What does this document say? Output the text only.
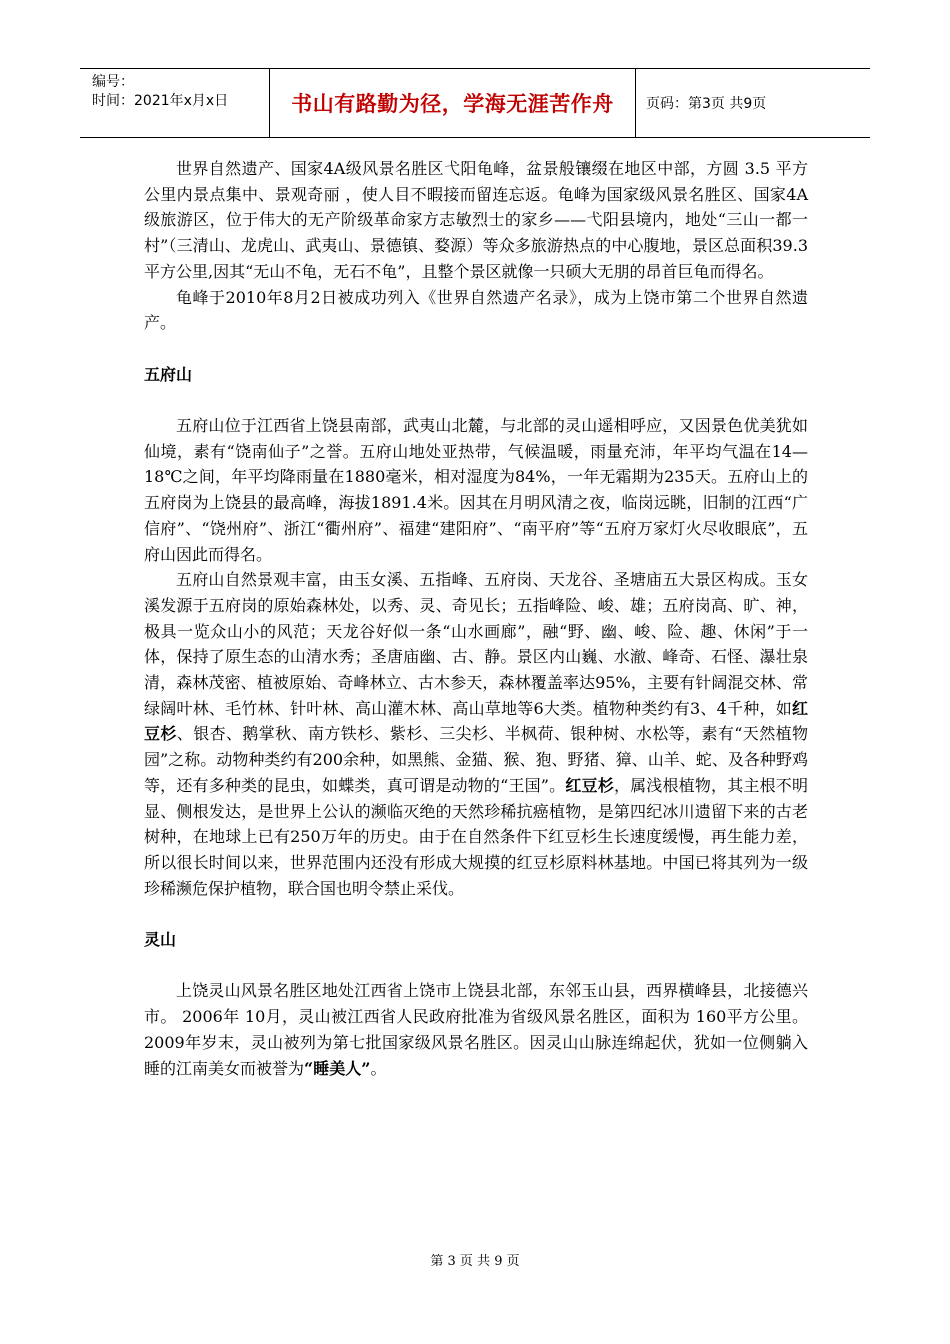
编号：
时间：2021年x月x日	书山有路勤为径，学海无涯苦作舟	页码：第3页 共9页

世界自然遗产、国家4A级风景名胜区弋阳龟峰，盆景般镶缀在地区中部，方圆 3.5 平方公里内景点集中、景观奇丽 ，使人目不暇接而留连忘返。龟峰为国家级风景名胜区、国家4A级旅游区，位于伟大的无产阶级革命家方志敏烈士的家乡——弋阳县境内，地处“三山一都一村”（三清山、龙虎山、武夷山、景德镇、婺源）等众多旅游热点的中心腹地，景区总面积39.3平方公里,因其“无山不龟，无石不龟”，且整个景区就像一只硕大无朋的昂首巨龟而得名。

龟峰于2010年8月2日被成功列入《世界自然遗产名录》，成为上饶市第二个世界自然遗产。

五府山

五府山位于江西省上饶县南部，武夷山北麓，与北部的灵山遥相呼应，又因景色优美犹如仙境，素有“饶南仙子”之誉。五府山地处亚热带，气候温暖，雨量充沛，年平均气温在14—18℃之间，年平均降雨量在1880毫米，相对湿度为84%，一年无霜期为235天。五府山上的五府岗为上饶县的最高峰，海拔1891.4米。因其在月明风清之夜，临岗远眺，旧制的江西“广信府”、“饶州府”、浙江“衢州府”、福建“建阳府”、“南平府”等“五府万家灯火尽收眼底”，五府山因此而得名。

五府山自然景观丰富，由玉女溪、五指峰、五府岗、天龙谷、圣塘庙五大景区构成。玉女溪发源于五府岗的原始森林处，以秀、灵、奇见长；五指峰险、峻、雄；五府岗高、旷、神，极具一览众山小的风范；天龙谷好似一条“山水画廊”，融“野、幽、峻、险、趣、休闲”于一体，保持了原生态的山清水秀；圣唐庙幽、古、静。景区内山巍、水澈、峰奇、石怪、瀑壮泉清，森林茂密、植被原始、奇峰林立、古木参天，森林覆盖率达95%，主要有针阔混交林、常绿阔叶林、毛竹林、针叶林、高山灌木林、高山草地等6大类。植物种类约有3、4千种，如红豆杉、银杏、鹅掌秋、南方铁杉、紫杉、三尖杉、半枫荷、银种树、水松等，素有“天然植物园”之称。动物种类约有200余种，如黑熊、金猫、猴、狍、野猪、獐、山羊、蛇、及各种野鸡等，还有多种类的昆虫，如蝶类，真可谓是动物的“王国”。红豆杉，属浅根植物，其主根不明显、侧根发达，是世界上公认的濒临灭绝的天然珍稀抗癌植物，是第四纪冰川遗留下来的古老树种，在地球上已有250万年的历史。由于在自然条件下红豆杉生长速度缓慢，再生能力差，所以很长时间以来，世界范围内还没有形成大规摸的红豆杉原料林基地。中国已将其列为一级珍稀濒危保护植物，联合国也明令禁止采伐。

灵山

上饶灵山风景名胜区地处江西省上饶市上饶县北部，东邻玉山县，西界横峰县，北接德兴市。 2006年 10月，灵山被江西省人民政府批准为省级风景名胜区，面积为 160平方公里。2009年岁末，灵山被列为第七批国家级风景名胜区。因灵山山脉连绵起伏，犹如一位侧躺入睡的江南美女而被誉为“睡美人”。

第 3 页 共 9 页
